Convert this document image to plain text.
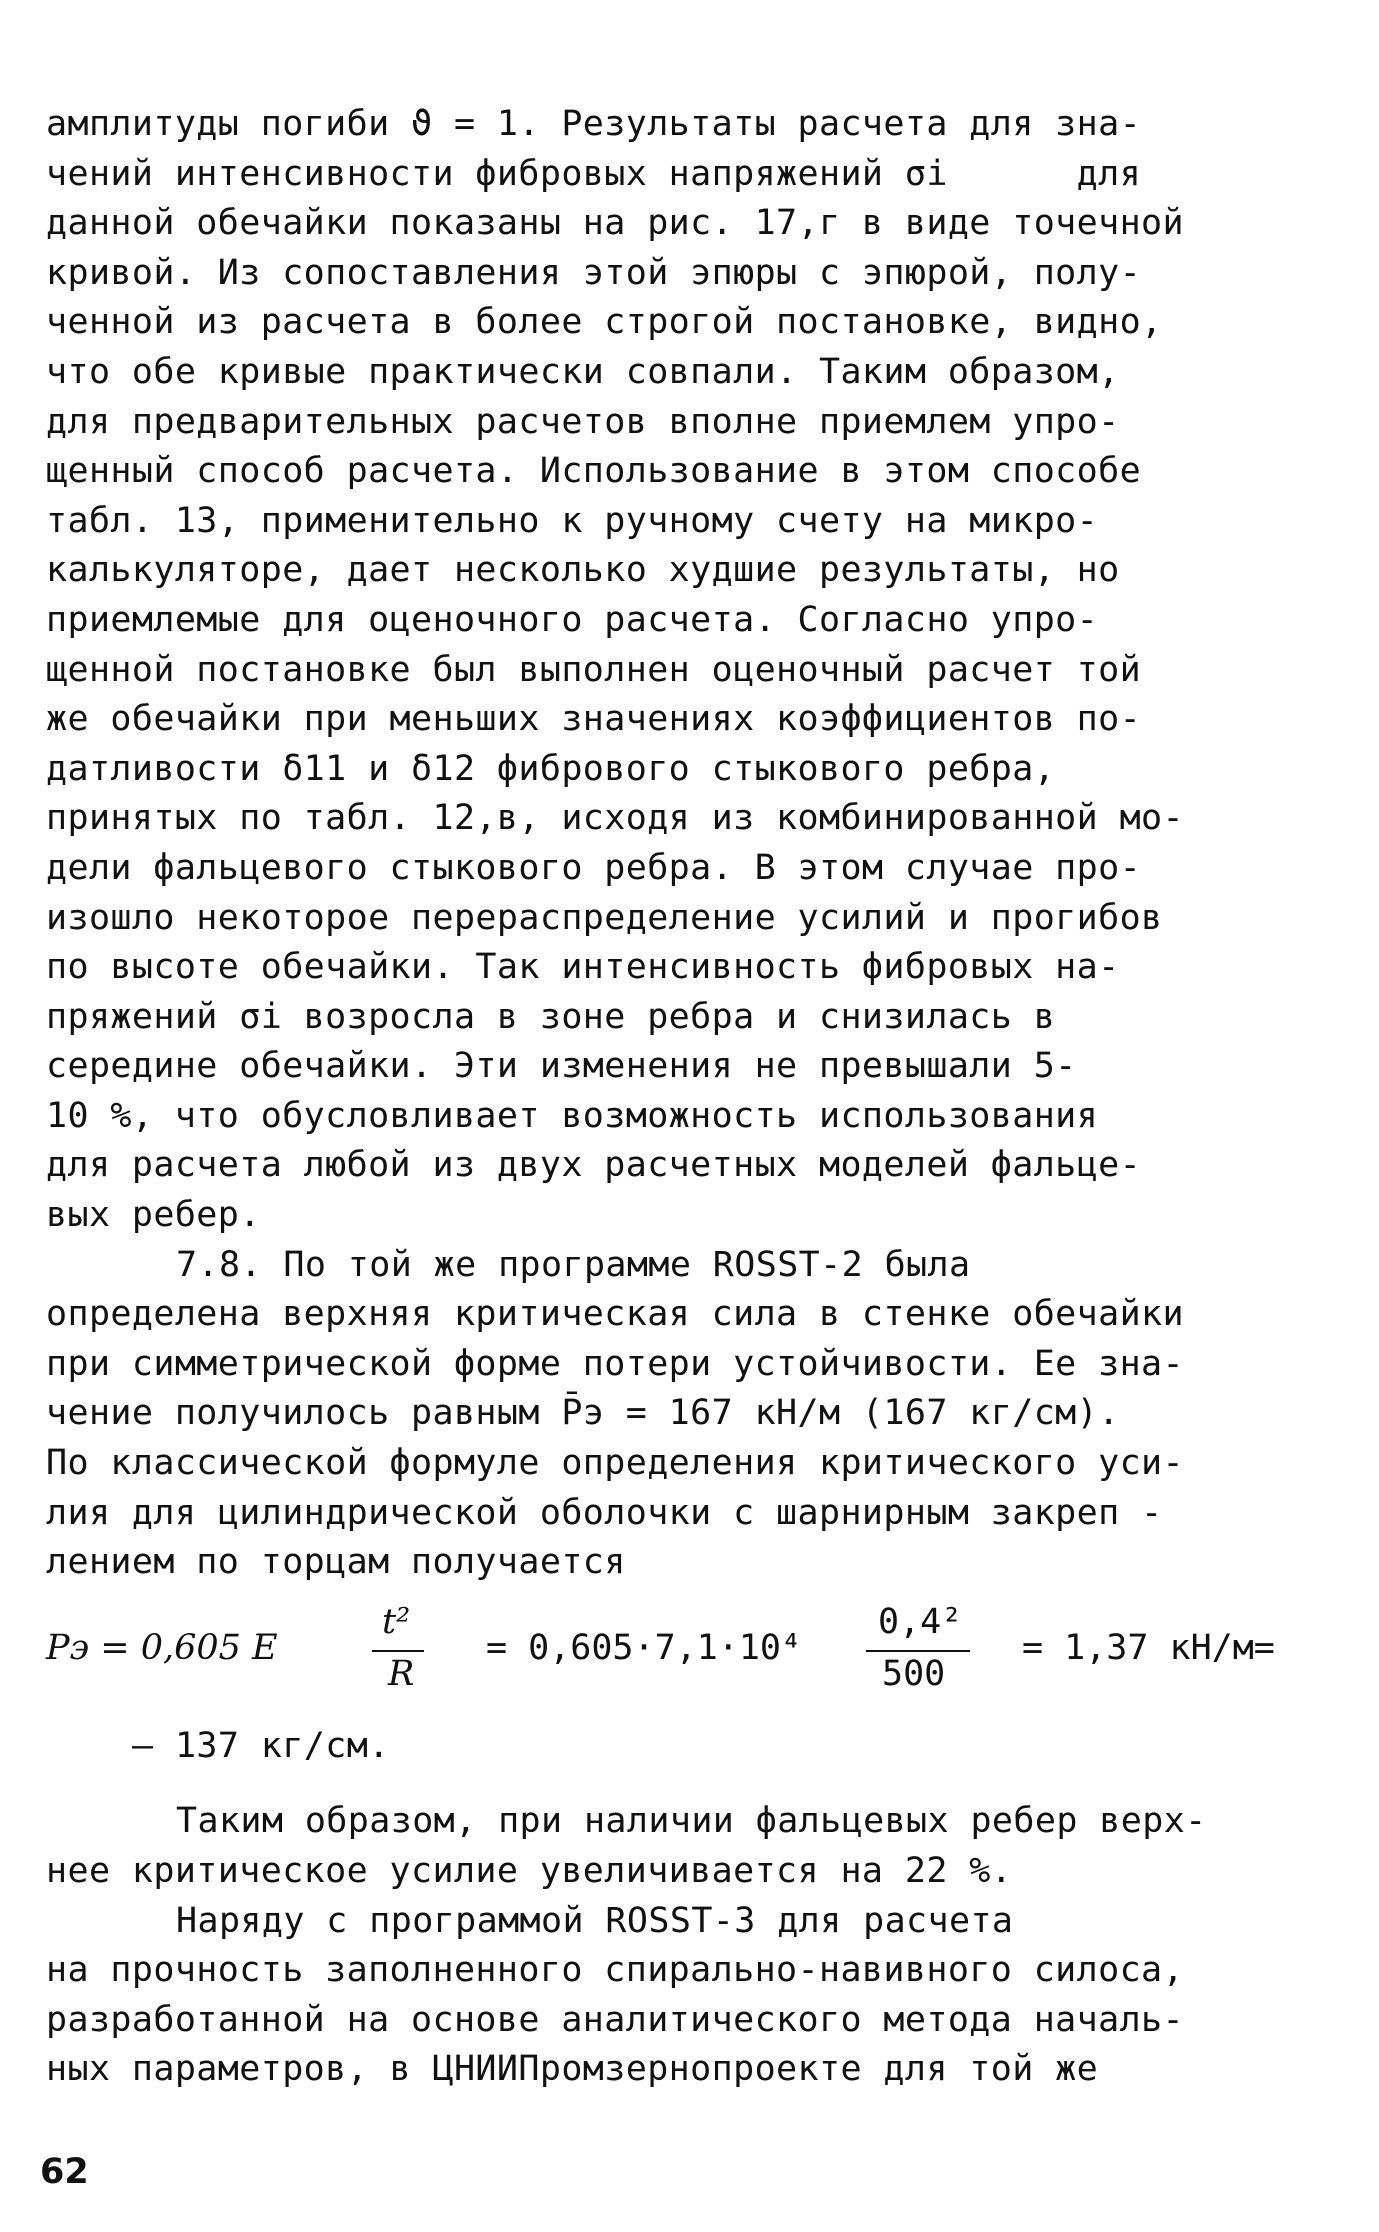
амплитуды погиби ϑ = 1. Результаты расчета для зна-
чений интенсивности фибровых напряжений σi      для
данной обечайки показаны на рис. 17,г в виде точечной
кривой. Из сопоставления этой эпюры с эпюрой, полу-
ченной из расчета в более строгой постановке, видно,
что обе кривые практически совпали. Таким образом,
для предварительных расчетов вполне приемлем упро-
щенный способ расчета. Использование в этом способе
табл. 13, применительно к ручному счету на микро-
калькуляторе, дает несколько худшие результаты, но
приемлемые для оценочного расчета. Согласно упро-
щенной постановке был выполнен оценочный расчет той
же обечайки при меньших значениях коэффициентов по-
датливости δ11 и δ12 фибрового стыкового ребра,
принятых по табл. 12,в, исходя из комбинированной мо-
дели фальцевого стыкового ребра. В этом случае про-
изошло некоторое перераспределение усилий и прогибов
по высоте обечайки. Так интенсивность фибровых на-
пряжений σi возросла в зоне ребра и снизилась в
середине обечайки. Эти изменения не превышали 5-
10 %, что обусловливает возможность использования
для расчета любой из двух расчетных моделей фальце-
вых ребер.
7.8. По той же программе ROSST-2 была
определена верхняя критическая сила в стенке обечайки
при симметрической форме потери устойчивости. Ее зна-
чение получилось равным P̄э = 167 кН/м (167 кг/см).
По классической формуле определения критического уси-
лия для цилиндрической оболочки с шарнирным закреп -
лением по торцам получается
Pэ = 0,605 E
t²
R
= 0,605·7,1·10⁴
0,4²
500
= 1,37 кН/м=
– 137 кг/см.
Таким образом, при наличии фальцевых ребер верх-
нее критическое усилие увеличивается на 22 %.
Наряду с программой ROSST-3 для расчета
на прочность заполненного спирально-навивного силоса,
разработанной на основе аналитического метода началь-
ных параметров, в ЦНИИПромзернопроекте для той же
62
